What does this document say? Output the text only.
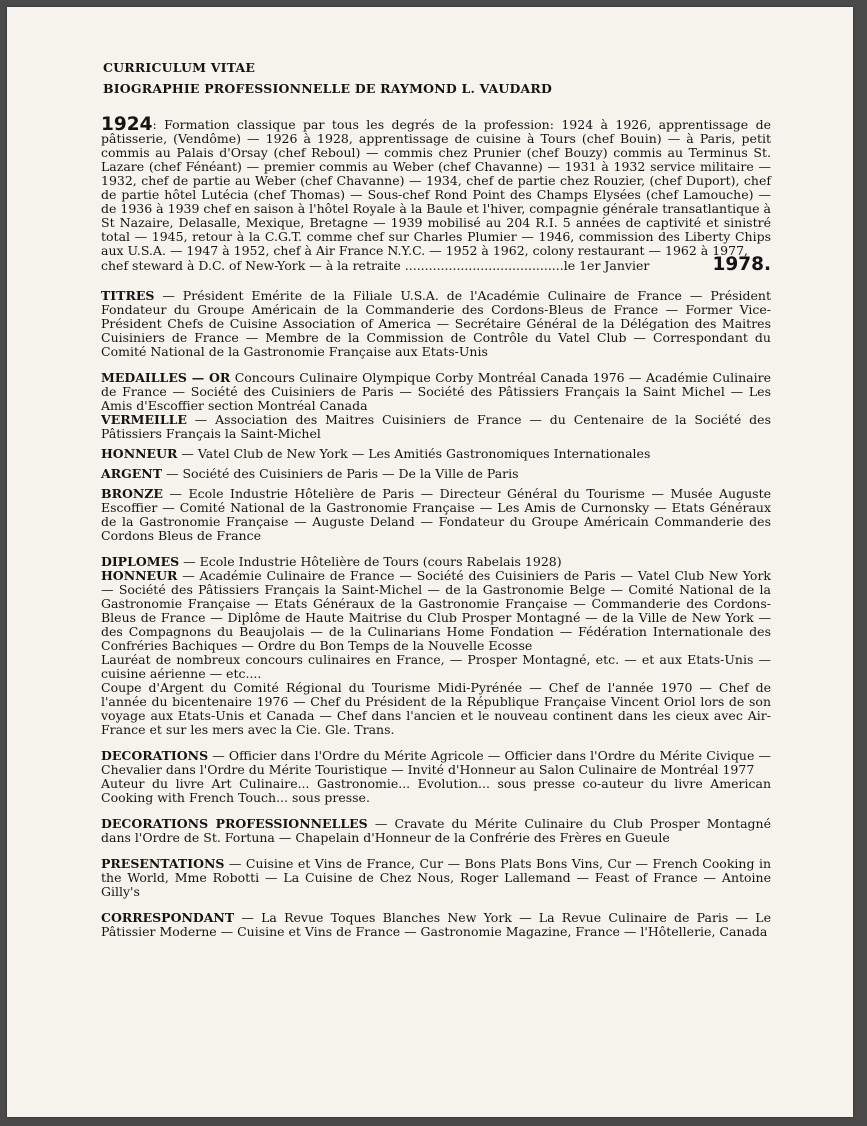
CURRICULUM VITAE
BIOGRAPHIE PROFESSIONNELLE DE RAYMOND L. VAUDARD

1924: Formation classique par tous les degrés de la profession: 1924 à 1926, apprentissage de pâtisserie, (Vendôme) — 1926 à 1928, apprentissage de cuisine à Tours (chef Bouin) — à Paris, petit commis au Palais d'Orsay (chef Reboul) — commis chez Prunier (chef Bouzy) commis au Terminus St. Lazare (chef Fénéant) — premier commis au Weber (chef Chavanne) — 1931 à 1932 service militaire — 1932, chef de partie au Weber (chef Chavanne) — 1934, chef de partie chez Rouzier, (chef Duport), chef de partie hôtel Lutécia (chef Thomas) — Sous-chef Rond Point des Champs Elysées (chef Lamouche) — de 1936 à 1939 chef en saison à l'hôtel Royale à la Baule et l'hiver, compagnie générale transatlantique à St Nazaire, Delasalle, Mexique, Bretagne — 1939 mobilisé au 204 R.I. 5 années de captivité et sinistré total — 1945, retour à la C.G.T. comme chef sur Charles Plumier — 1946, commission des Liberty Chips aux U.S.A. — 1947 à 1952, chef à Air France N.Y.C. — 1952 à 1962, colony restaurant — 1962 à 1977,

chef steward à D.C. of New-York — à la retraite ........................................le 1er Janvier	1978.

TITRES — Président Emérite de la Filiale U.S.A. de l'Académie Culinaire de France — Président Fondateur du Groupe Américain de la Commanderie des Cordons-Bleus de France — Former Vice-Président Chefs de Cuisine Association of America — Secrétaire Général de la Délégation des Maitres Cuisiniers de France — Membre de la Commission de Contrôle du Vatel Club — Correspondant du Comité National de la Gastronomie Française aux Etats-Unis

MEDAILLES — OR Concours Culinaire Olympique Corby Montréal Canada 1976 — Académie Culinaire de France — Société des Cuisiniers de Paris — Société des Pâtissiers Français la Saint Michel — Les Amis d'Escoffier section Montréal Canada

VERMEILLE — Association des Maitres Cuisiniers de France — du Centenaire de la Société des Pâtissiers Français la Saint-Michel

HONNEUR — Vatel Club de New York — Les Amitiés Gastronomiques Internationales

ARGENT — Société des Cuisiniers de Paris — De la Ville de Paris

BRONZE — Ecole Industrie Hôtelière de Paris — Directeur Général du Tourisme — Musée Auguste Escoffier — Comité National de la Gastronomie Française — Les Amis de Curnonsky — Etats Généraux de la Gastronomie Française — Auguste Deland — Fondateur du Groupe Américain Commanderie des Cordons Bleus de France

DIPLOMES — Ecole Industrie Hôtelière de Tours (cours Rabelais 1928)

HONNEUR — Académie Culinaire de France — Société des Cuisiniers de Paris — Vatel Club New York — Société des Pâtissiers Français la Saint-Michel — de la Gastronomie Belge — Comité National de la Gastronomie Française — Etats Généraux de la Gastronomie Française — Commanderie des Cordons-Bleus de France — Diplôme de Haute Maitrise du Club Prosper Montagné — de la Ville de New York — des Compagnons du Beaujolais — de la Culinarians Home Fondation — Fédération Internationale des Confréries Bachiques — Ordre du Bon Temps de la Nouvelle Ecosse

Lauréat de nombreux concours culinaires en France, — Prosper Montagné, etc. — et aux Etats-Unis — cuisine aérienne — etc....

Coupe d'Argent du Comité Régional du Tourisme Midi-Pyrénée — Chef de l'année 1970 — Chef de l'année du bicentenaire 1976 — Chef du Président de la République Française Vincent Oriol lors de son voyage aux Etats-Unis et Canada — Chef dans l'ancien et le nouveau continent dans les cieux avec Air-France et sur les mers avec la Cie. Gle. Trans.

DECORATIONS — Officier dans l'Ordre du Mérite Agricole — Officier dans l'Ordre du Mérite Civique — Chevalier dans l'Ordre du Mérite Touristique — Invité d'Honneur au Salon Culinaire de Montréal 1977

Auteur du livre Art Culinaire... Gastronomie... Evolution... sous presse co-auteur du livre American Cooking with French Touch... sous presse.

DECORATIONS PROFESSIONNELLES — Cravate du Mérite Culinaire du Club Prosper Montagné dans l'Ordre de St. Fortuna — Chapelain d'Honneur de la Confrérie des Frères en Gueule

PRESENTATIONS — Cuisine et Vins de France, Cur — Bons Plats Bons Vins, Cur — French Cooking in the World, Mme Robotti — La Cuisine de Chez Nous, Roger Lallemand — Feast of France — Antoine Gilly's

CORRESPONDANT — La Revue Toques Blanches New York — La Revue Culinaire de Paris — Le Pâtissier Moderne — Cuisine et Vins de France — Gastronomie Magazine, France — l'Hôtellerie, Canada
